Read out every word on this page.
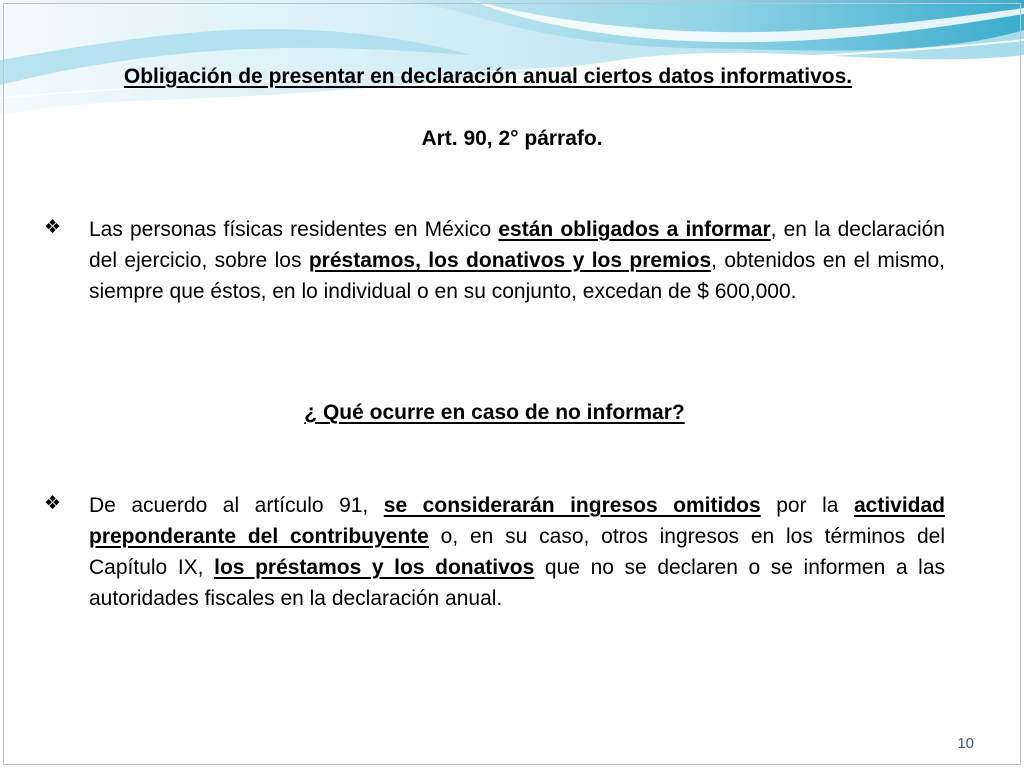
Obligación de presentar en declaración anual ciertos datos informativos.
Art. 90, 2° párrafo.
❖	Las personas físicas residentes en México están obligados a informar, en la declaración del ejercicio, sobre los préstamos, los donativos y los premios, obtenidos en el mismo, siempre que éstos, en lo individual o en su conjunto, excedan de $ 600,000.
¿ Qué ocurre en caso de no informar?
❖	De acuerdo al artículo 91, se considerarán ingresos omitidos por la actividad preponderante del contribuyente o, en su caso, otros ingresos en los términos del Capítulo IX, los préstamos y los donativos que no se declaren o se informen a las autoridades fiscales en la declaración anual.
10
